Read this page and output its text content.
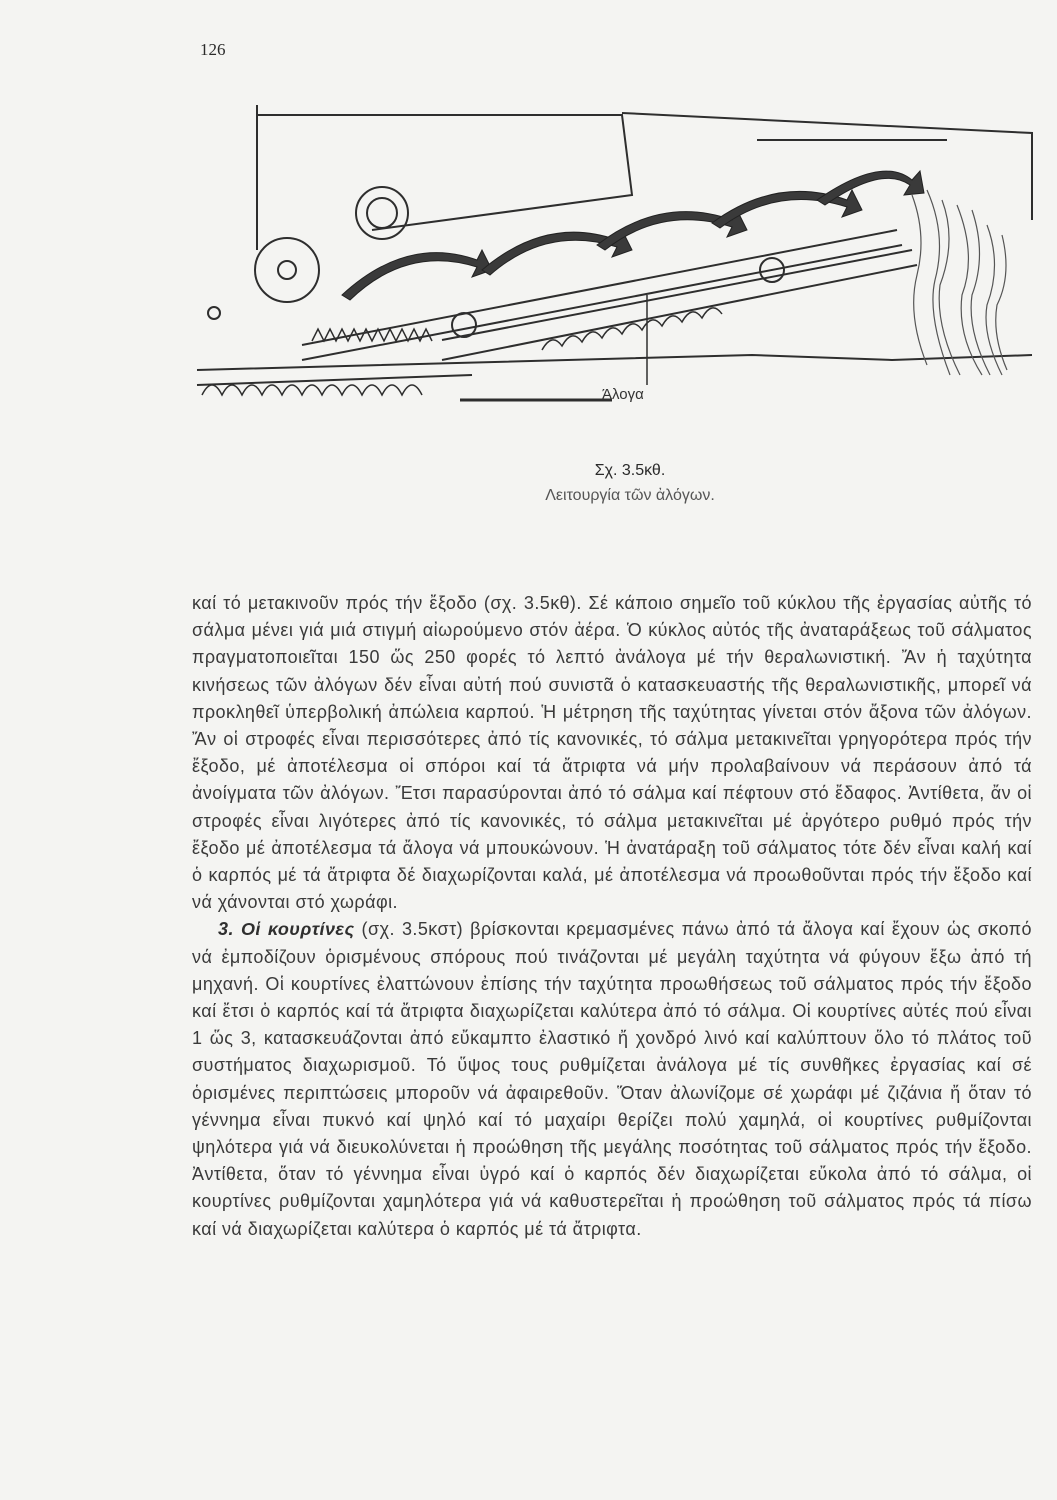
126
Άλογα
Σχ. 3.5κθ.
Λειτουργία τῶν ἀλόγων.

καί τό μετακινοῦν πρός τήν ἔξοδο (σχ. 3.5κθ). Σέ κάποιο σημεῖο τοῦ κύκλου τῆς ἐργασίας αὐτῆς τό σάλμα μένει γιά μιά στιγμή αἰωρούμενο στόν ἀέρα. Ὁ κύκλος αὐτός τῆς ἀναταράξεως τοῦ σάλματος πραγματοποιεῖται 150 ὥς 250 φορές τό λεπτό ἀνάλογα μέ τήν θεραλωνιστική. Ἄν ἡ ταχύτητα κινήσεως τῶν ἀλόγων δέν εἶναι αὐτή πού συνιστᾶ ὁ κατασκευαστής τῆς θεραλωνιστικῆς, μπορεῖ νά προκληθεῖ ὑπερβολική ἀπώλεια καρπού. Ἡ μέτρηση τῆς ταχύτητας γίνεται στόν ἄξονα τῶν ἀλόγων. Ἄν οἱ στροφές εἶναι περισσότερες ἀπό τίς κανονικές, τό σάλμα μετακινεῖται γρηγορότερα πρός τήν ἔξοδο, μέ ἀποτέλεσμα οἱ σπόροι καί τά ἄτριφτα νά μήν προλαβαίνουν νά περάσουν ἀπό τά ἀνοίγματα τῶν ἀλόγων. Ἔτσι παρασύρονται ἀπό τό σάλμα καί πέφτουν στό ἔδαφος. Ἀντίθετα, ἄν οἱ στροφές εἶναι λιγότερες ἀπό τίς κανονικές, τό σάλμα μετακινεῖται μέ ἀργότερο ρυθμό πρός τήν ἔξοδο μέ ἀποτέλεσμα τά ἄλογα νά μπουκώνουν. Ἡ ἀνατάραξη τοῦ σάλματος τότε δέν εἶναι καλή καί ὁ καρπός μέ τά ἄτριφτα δέ διαχωρίζονται καλά, μέ ἀποτέλεσμα νά προωθοῦνται πρός τήν ἔξοδο καί νά χάνονται στό χωράφι.

3. Οἱ κουρτίνες (σχ. 3.5κστ) βρίσκονται κρεμασμένες πάνω ἀπό τά ἄλογα καί ἔχουν ὡς σκοπό νά ἐμποδίζουν ὁρισμένους σπόρους πού τινάζονται μέ μεγάλη ταχύτητα νά φύγουν ἔξω ἀπό τή μηχανή. Οἱ κουρτίνες ἐλαττώνουν ἐπίσης τήν ταχύτητα προωθήσεως τοῦ σάλματος πρός τήν ἔξοδο καί ἔτσι ὁ καρπός καί τά ἄτριφτα διαχωρίζεται καλύτερα ἀπό τό σάλμα. Οἱ κουρτίνες αὐτές πού εἶναι 1 ὥς 3, κατασκευάζονται ἀπό εὔκαμπτο ἐλαστικό ἤ χονδρό λινό καί καλύπτουν ὅλο τό πλάτος τοῦ συστήματος διαχωρισμοῦ. Τό ὕψος τους ρυθμίζεται ἀνάλογα μέ τίς συνθῆκες ἐργασίας καί σέ ὁρισμένες περιπτώσεις μποροῦν νά ἀφαιρεθοῦν. Ὅταν ἀλωνίζομε σέ χωράφι μέ ζιζάνια ἤ ὅταν τό γέννημα εἶναι πυκνό καί ψηλό καί τό μαχαίρι θερίζει πολύ χαμηλά, οἱ κουρτίνες ρυθμίζονται ψηλότερα γιά νά διευκολύνεται ἡ προώθηση τῆς μεγάλης ποσότητας τοῦ σάλματος πρός τήν ἔξοδο. Ἀντίθετα, ὅταν τό γέννημα εἶναι ὑγρό καί ὁ καρπός δέν διαχωρίζεται εὔκολα ἀπό τό σάλμα, οἱ κουρτίνες ρυθμίζονται χαμηλότερα γιά νά καθυστερεῖται ἡ προώθηση τοῦ σάλματος πρός τά πίσω καί νά διαχωρίζεται καλύτερα ὁ καρπός μέ τά ἄτριφτα.
